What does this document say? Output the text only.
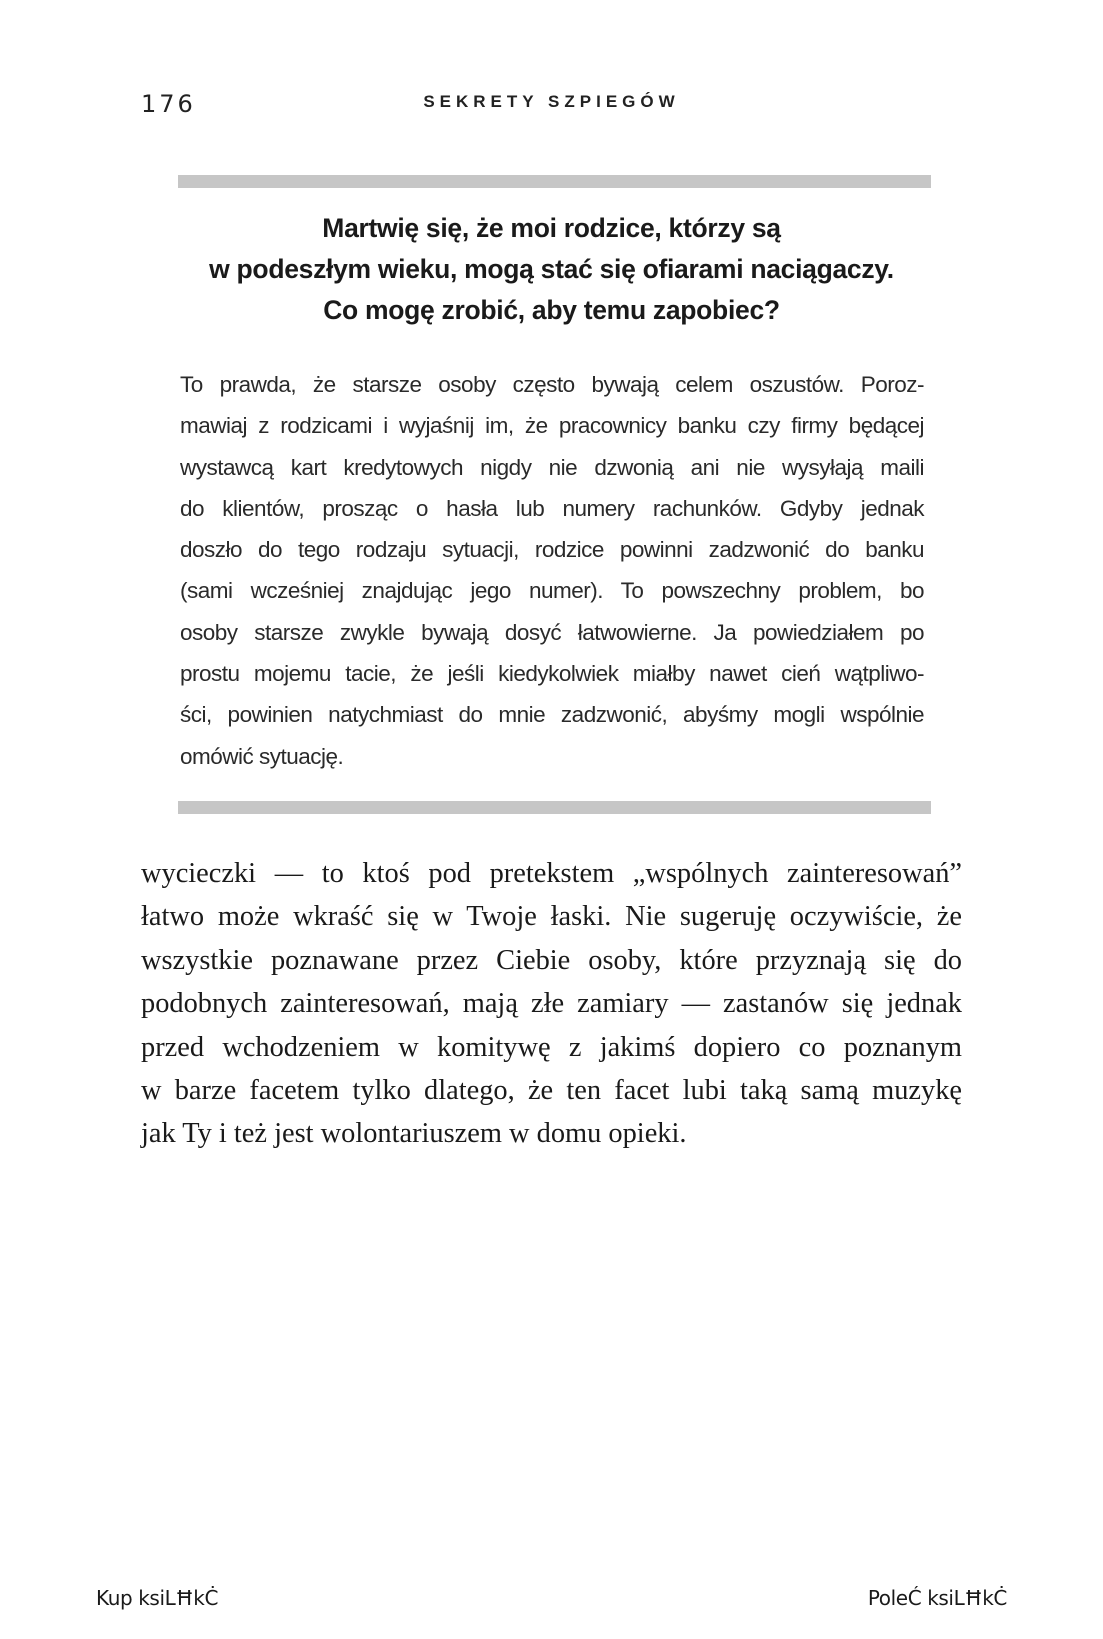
176	SEKRETY SZPIEGÓW
Martwię się, że moi rodzice, którzy są
w podeszłym wieku, mogą stać się ofiarami naciągaczy.
Co mogę zrobić, aby temu zapobiec?
To prawda, że starsze osoby często bywają celem oszustów. Poroz-
mawiaj z rodzicami i wyjaśnij im, że pracownicy banku czy firmy będącej
wystawcą kart kredytowych nigdy nie dzwonią ani nie wysyłają maili
do klientów, prosząc o hasła lub numery rachunków. Gdyby jednak
doszło do tego rodzaju sytuacji, rodzice powinni zadzwonić do banku
(sami wcześniej znajdując jego numer). To powszechny problem, bo
osoby starsze zwykle bywają dosyć łatwowierne. Ja powiedziałem po
prostu mojemu tacie, że jeśli kiedykolwiek miałby nawet cień wątpliwo-
ści, powinien natychmiast do mnie zadzwonić, abyśmy mogli wspólnie
omówić sytuację.
wycieczki — to ktoś pod pretekstem „wspólnych zainteresowań”
łatwo może wkraść się w Twoje łaski. Nie sugeruję oczywiście, że
wszystkie poznawane przez Ciebie osoby, które przyznają się do
podobnych zainteresowań, mają złe zamiary — zastanów się jednak
przed wchodzeniem w komitywę z jakimś dopiero co poznanym
w barze facetem tylko dlatego, że ten facet lubi taką samą muzykę
jak Ty i też jest wolontariuszem w domu opieki.
Kup ksiLĦkĊ	PoleĆ ksiLĦkĊ
